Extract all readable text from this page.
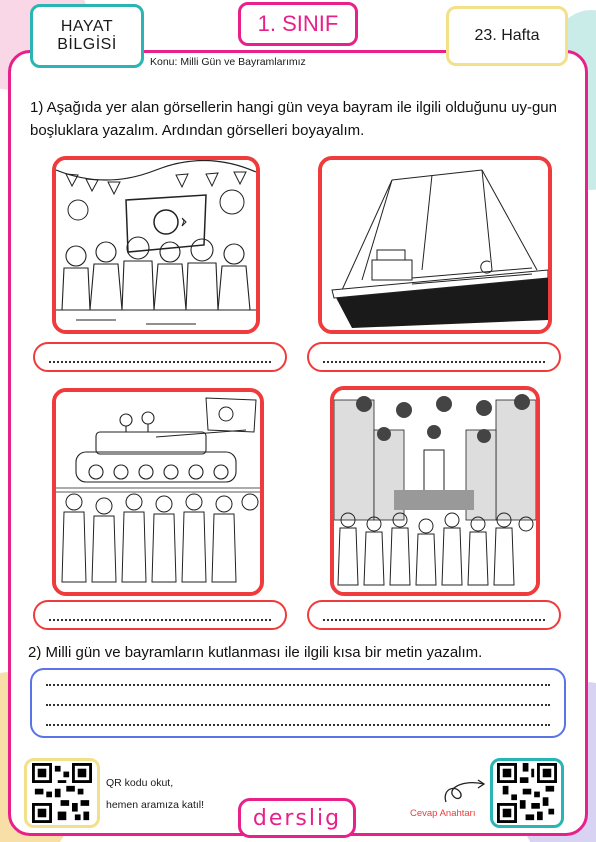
HAYAT
BİLGİSİ
1. SINIF	23. Hafta
Konu: Milli Gün ve Bayramlarımız
1) Aşağıda yer alan görsellerin hangi gün veya bayram ile ilgili olduğunu uy-gun boşluklara yazalım. Ardından görselleri boyayalım.
2) Milli gün ve bayramların kutlanması ile ilgili kısa bir metin yazalım.
QR kodu okut,
hemen aramıza katıl!
derslig	Cevap Anahtarı
